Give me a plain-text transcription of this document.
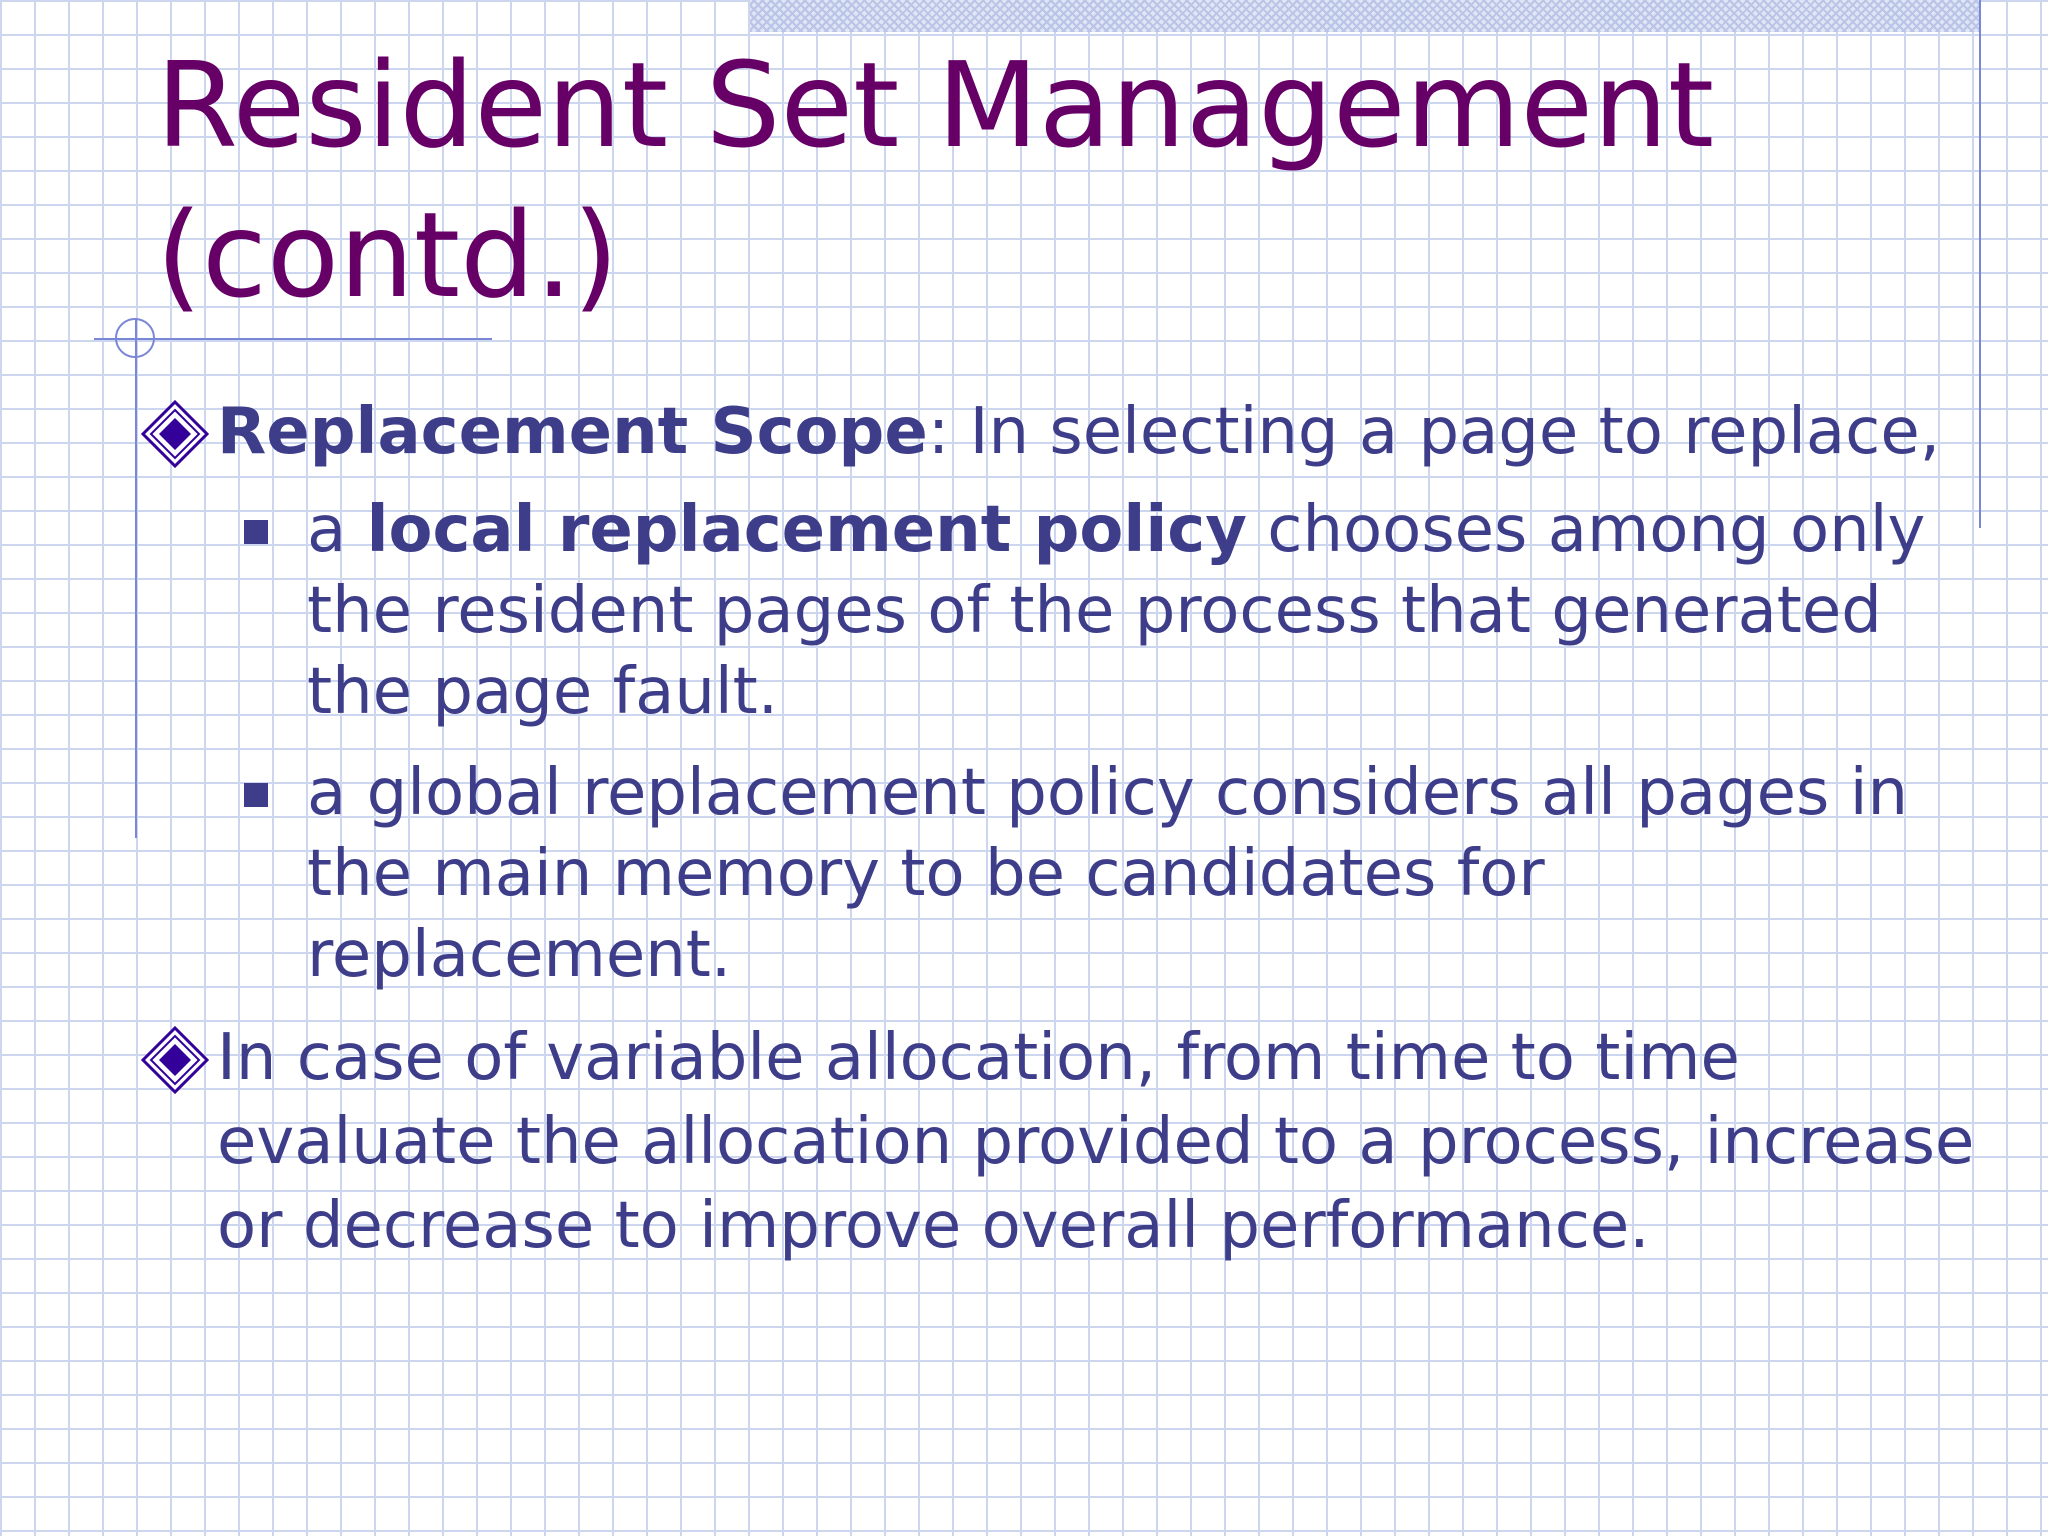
Resident Set Management (contd.)
Replacement Scope: In selecting a page to replace,
a local replacement policy chooses among only the resident pages of the process that generated the page fault.
a global replacement policy considers all pages in the main memory to be candidates for replacement.
In case of variable allocation, from time to time evaluate the allocation provided to a process, increase or decrease to improve overall performance.
